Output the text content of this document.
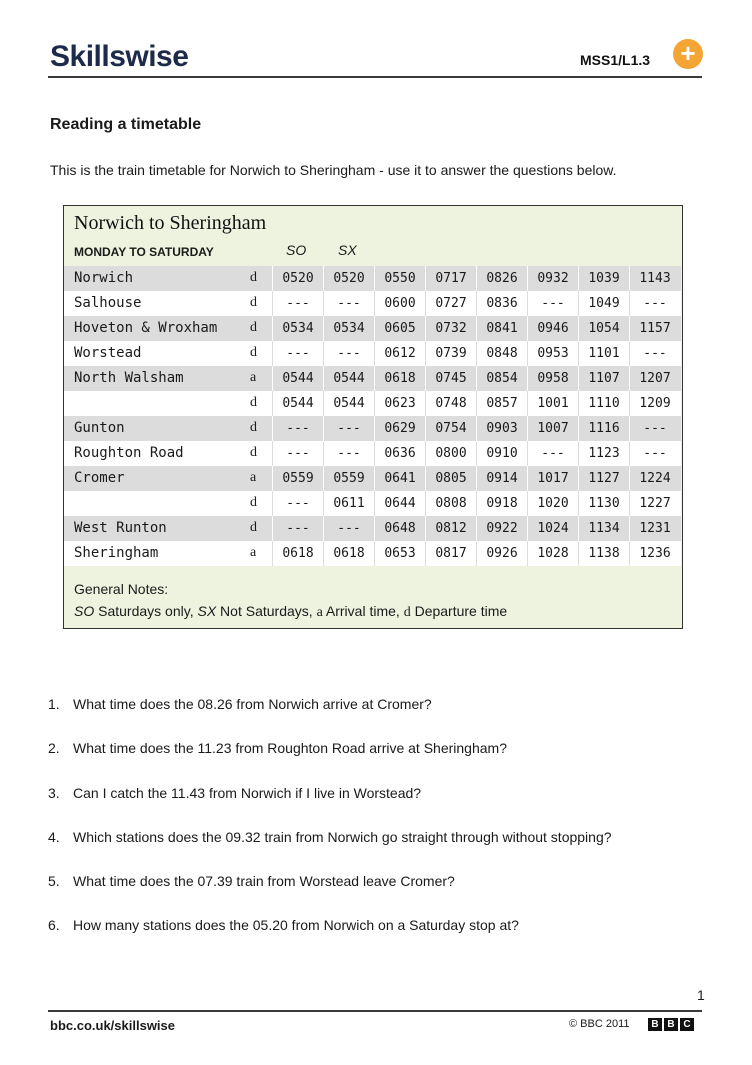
Skillswise	MSS1/L1.3 +
Reading a timetable
This is the train timetable for Norwich to Sheringham - use it to answer the questions below.
Norwich to Sheringham
MONDAY TO SATURDAY	SO SX
Norwich	d	0520	0520	0550	0717	0826	0932	1039	1143
Salhouse	d	---	---	0600	0727	0836	---	1049	---
Hoveton & Wroxham d	0534	0534	0605	0732	0841	0946	1054	1157
Worstead	d	---	---	0612	0739	0848	0953	1101	---
North Walsham	a	0544	0544	0618	0745	0854	0958	1107	1207
d	0544	0544	0623	0748	0857	1001	1110	1209
Gunton	d	---	---	0629	0754	0903	1007	1116	---
Roughton Road	d	---	---	0636	0800	0910	---	1123	---
Cromer	a	0559	0559	0641	0805	0914	1017	1127	1224
d	---	0611	0644	0808	0918	1020	1130	1227
West Runton	d	---	---	0648	0812	0922	1024	1134	1231
Sheringham	a	0618	0618	0653	0817	0926	1028	1138	1236
General Notes:
SO Saturdays only, SX Not Saturdays, a Arrival time, d Departure time
1. What time does the 08.26 from Norwich arrive at Cromer?
2. What time does the 11.23 from Roughton Road arrive at Sheringham?
3. Can I catch the 11.43 from Norwich if I live in Worstead?
4. Which stations does the 09.32 train from Norwich go straight through without stopping?
5. What time does the 07.39 train from Worstead leave Cromer?
6. How many stations does the 05.20 from Norwich on a Saturday stop at?
1
bbc.co.uk/skillswise	© BBC 2011	B B C
